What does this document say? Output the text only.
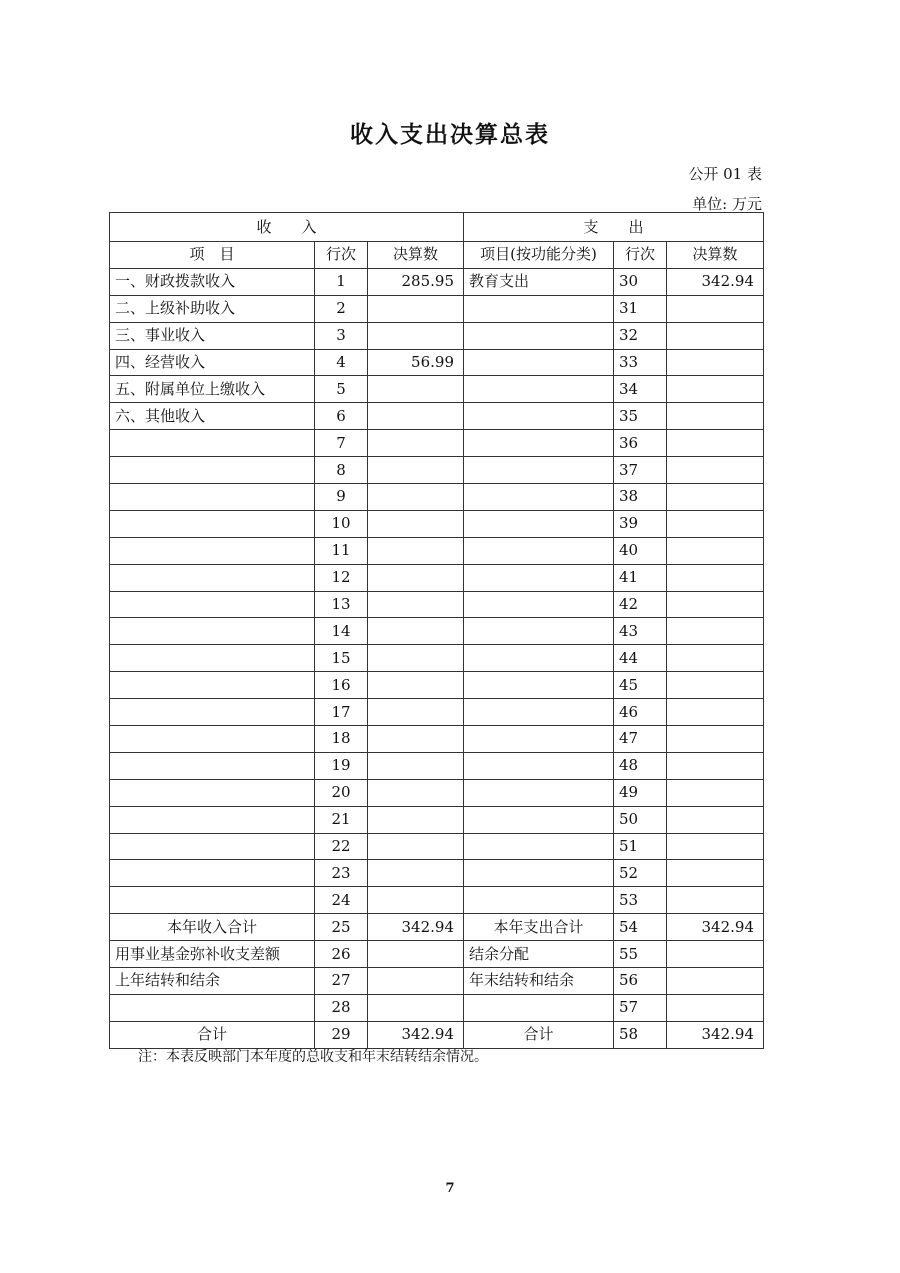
收入支出决算总表
公开 01 表
单位: 万元
收　　入			支　　出		
项　目	行次	决算数	项目(按功能分类)	行次	决算数
一、财政拨款收入	1	285.95	教育支出	30	342.94
二、上级补助收入	2			31	
三、事业收入	3			32	
四、经营收入	4	56.99		33	
五、附属单位上缴收入	5			34	
六、其他收入	6			35	
	7			36	
	8			37	
	9			38	
	10			39	
	11			40	
	12			41	
	13			42	
	14			43	
	15			44	
	16			45	
	17			46	
	18			47	
	19			48	
	20			49	
	21			50	
	22			51	
	23			52	
	24			53	
本年收入合计	25	342.94	本年支出合计	54	342.94
用事业基金弥补收支差额	26		结余分配	55	
上年结转和结余	27		年末结转和结余	56	
	28			57	
合计	29	342.94	合计	58	342.94
注：本表反映部门本年度的总收支和年末结转结余情况。
7
